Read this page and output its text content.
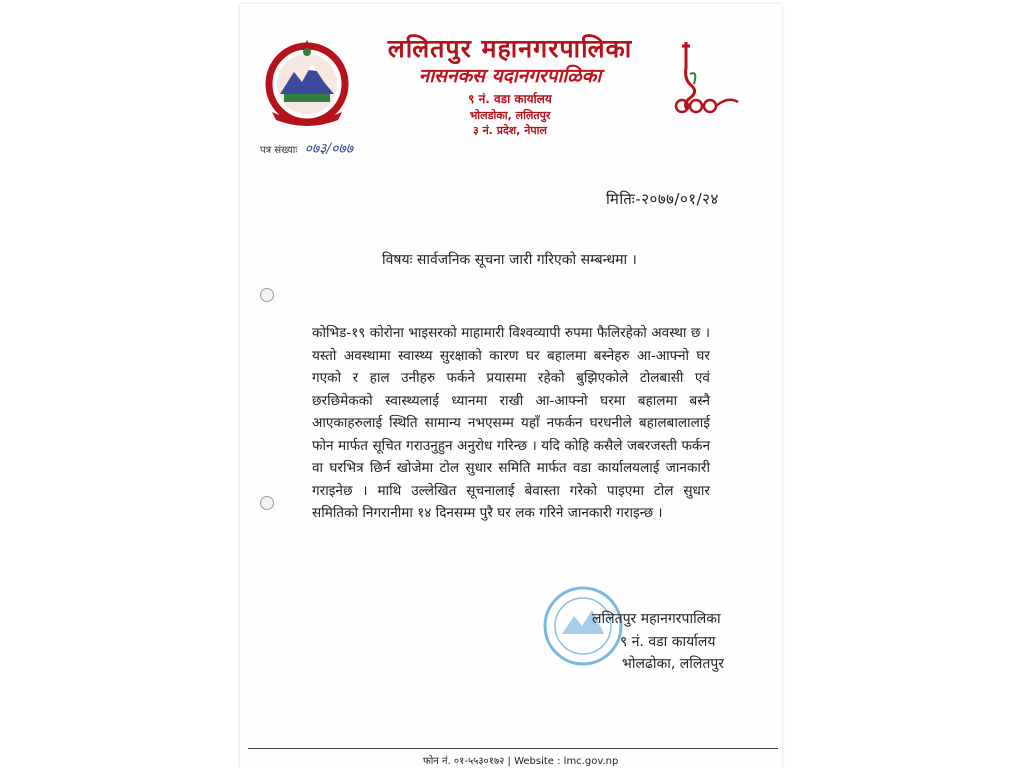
ललितपुर महानगरपालिका
नासनकस यदानगरपाळिका
९ नं. वडा कार्यालय
भोलडोका, ललितपुर
३ नं. प्रदेश, नेपाल
पत्र संख्याः ०७३/०७७
मितिः-२०७७/०१/२४
विषयः सार्वजनिक सूचना जारी गरिएको सम्बन्धमा ।
कोभिड-१९ कोरोना भाइसरको माहामारी विश्वव्यापी रुपमा फैलिरहेको अवस्था छ । यस्तो अवस्थामा स्वास्थ्य सुरक्षाको कारण घर बहालमा बस्नेहरु आ-आफ्नो घर गएको र हाल उनीहरु फर्कने प्रयासमा रहेको बुझिएकोले टोलबासी एवं छरछिमेकको स्वास्थ्यलाई ध्यानमा राखी आ-आफ्नो घरमा बहालमा बस्नै आएकाहरुलाई स्थिति सामान्य नभएसम्म यहाँ नफर्कन घरधनीले बहालबालालाई फोन मार्फत सूचित गराउनुहुन अनुरोध गरिन्छ । यदि कोहि कसैले जबरजस्ती फर्कन वा घरभित्र छिर्न खोजेमा टोल सुधार समिति मार्फत वडा कार्यालयलाई जानकारी गराइनेछ । माथि उल्लेखित सूचनालाई बेवास्ता गरेको पाइएमा टोल सुधार समितिको निगरानीमा १४ दिनसम्म पुरै घर लक गरिने जानकारी गराइन्छ ।
ललितपुर महानगरपालिका
९ नं. वडा कार्यालय
भोलढोका, ललितपुर
फोन नं. ०१-५५३०१७२ | Website : lmc.gov.np
